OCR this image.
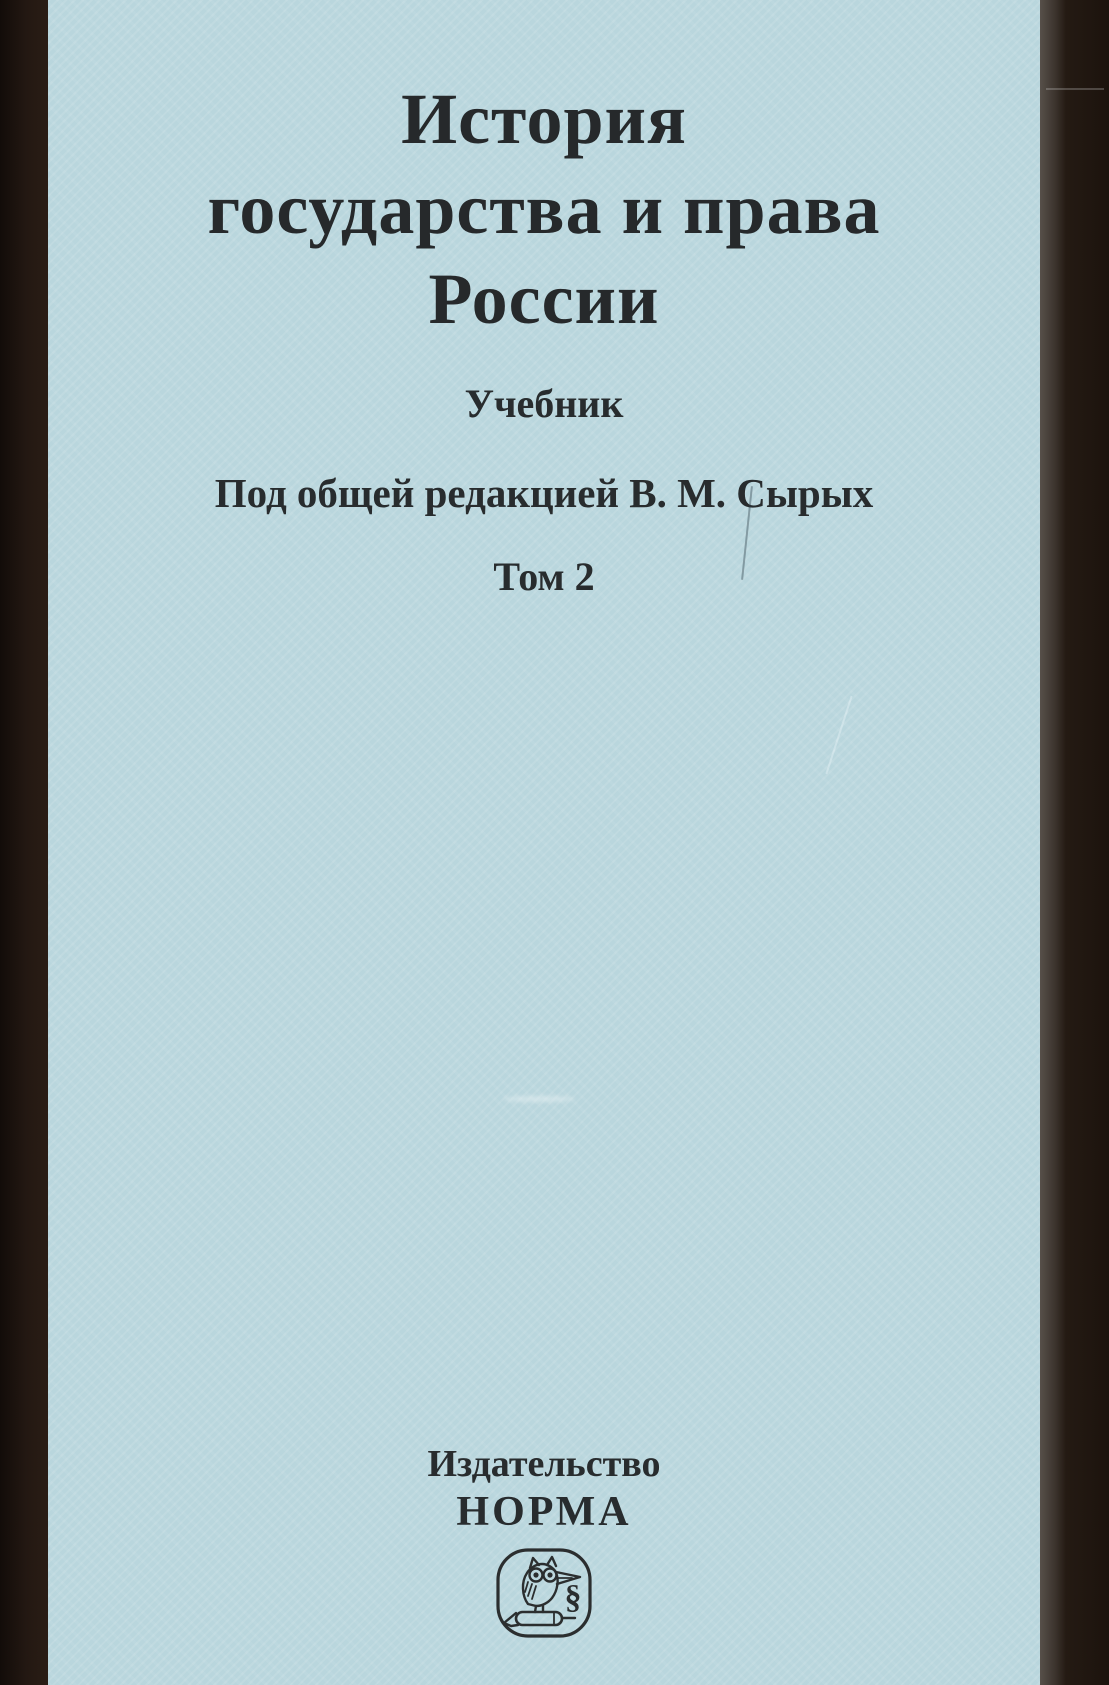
История
государства и права
России
Учебник
Под общей редакцией В. М. Сырых
Том 2
Издательство
НОРМА
§
